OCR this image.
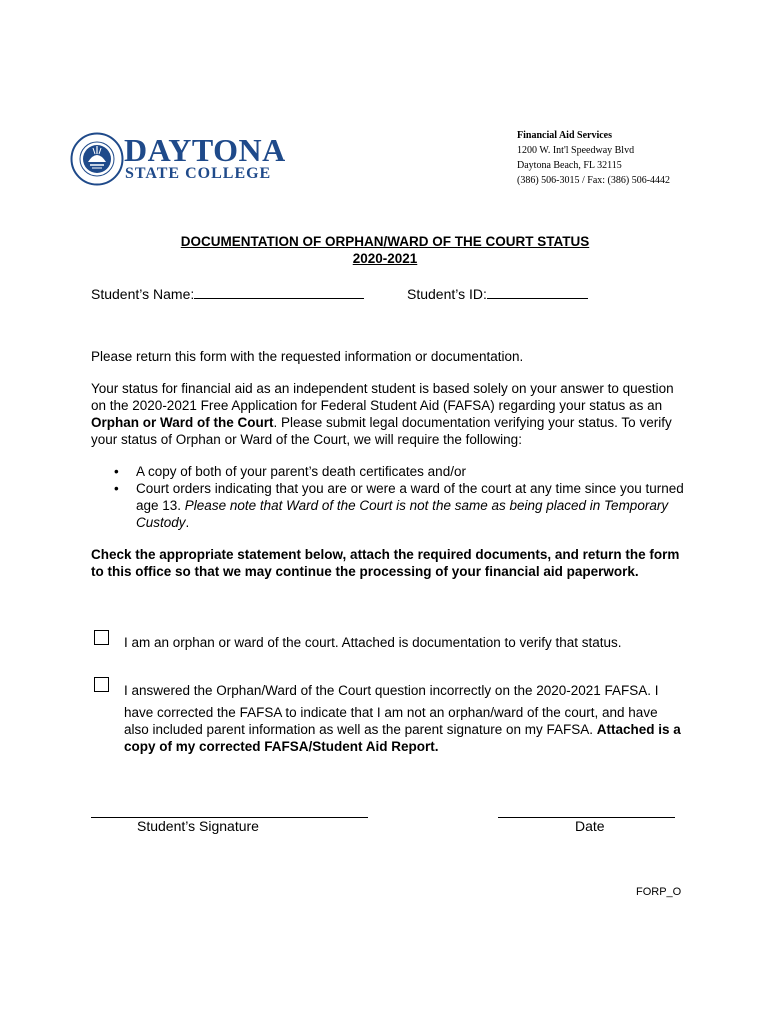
DAYTONA
STATE COLLEGE
Financial Aid Services
1200 W. Int'l Speedway Blvd
Daytona Beach, FL 32115
(386) 506-3015 / Fax: (386) 506-4442
DOCUMENTATION OF ORPHAN/WARD OF THE COURT STATUS
2020-2021
Student’s Name:	Student’s ID:
Please return this form with the requested information or documentation.
Your status for financial aid as an independent student is based solely on your answer to question on the 2020-2021 Free Application for Federal Student Aid (FAFSA) regarding your status as an Orphan or Ward of the Court. Please submit legal documentation verifying your status. To verify your status of Orphan or Ward of the Court, we will require the following:
• A copy of both of your parent’s death certificates and/or
• Court orders indicating that you are or were a ward of the court at any time since you turned age 13. Please note that Ward of the Court is not the same as being placed in Temporary Custody.
Check the appropriate statement below, attach the required documents, and return the form to this office so that we may continue the processing of your financial aid paperwork.
I am an orphan or ward of the court. Attached is documentation to verify that status.
I answered the Orphan/Ward of the Court question incorrectly on the 2020-2021 FAFSA. I
have corrected the FAFSA to indicate that I am not an orphan/ward of the court, and have also included parent information as well as the parent signature on my FAFSA. Attached is a copy of my corrected FAFSA/Student Aid Report.
Student’s Signature	Date
FORP_O
